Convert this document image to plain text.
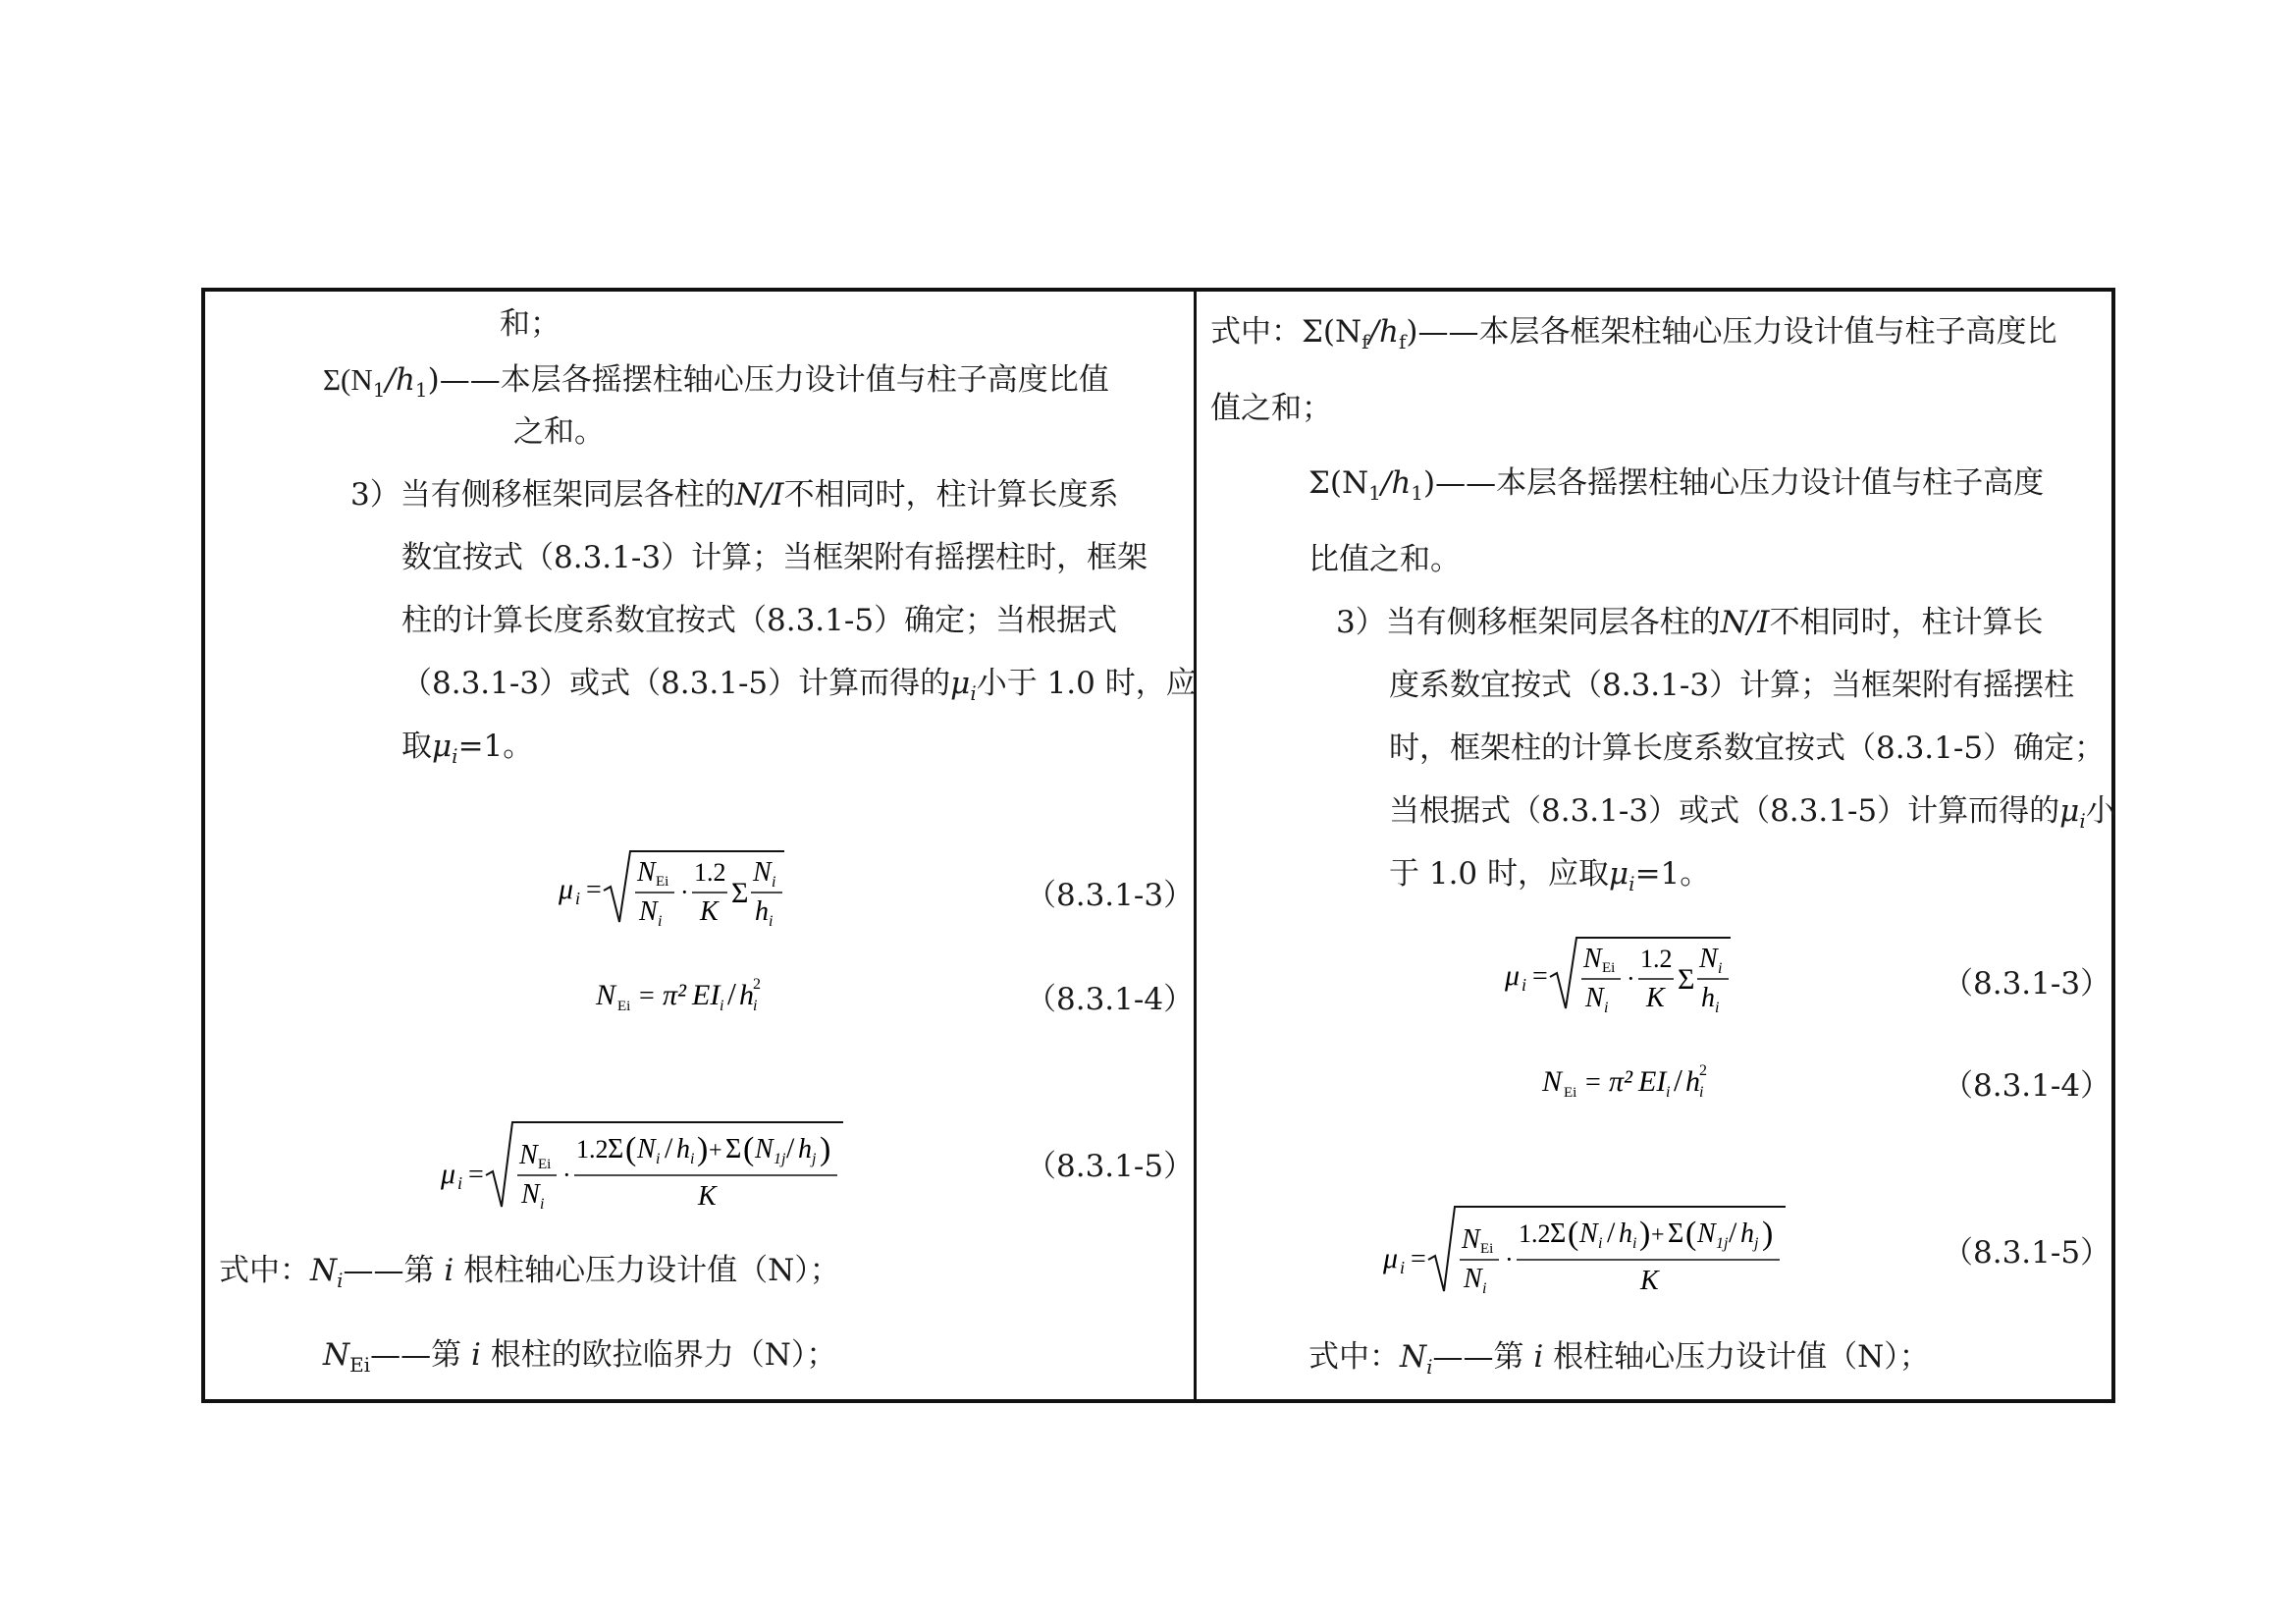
和；
$\Sigma(N_1/h_1)——$本层各摇摆柱轴心压力设计值与柱子高度比值
之和。
3）当有侧移框架同层各柱的N/I不相同时，柱计算长度系
数宜按式（8.3.1-3）计算；当框架附有摇摆柱时，框架
柱的计算长度系数宜按式（8.3.1-5）确定；当根据式
（8.3.1-3）或式（8.3.1-5）计算而得的$\mu_i$小于 1.0 时，应
取$\mu_i=1$。
μ i =
N Ei
N i
·
1.2
K
Σ
N i
h i
（8.3.1-3）
N Ei = π² EI i / h 2
i	（8.3.1-4）
μ i =
N Ei
N i
·
1.2 Σ ( N i / h i ) + Σ ( N 1j / h j )
K
（8.3.1-5）
式中：$N_i——$第 i 根柱轴心压力设计值（N）；
$N_{Ei}——$第 i 根柱的欧拉临界力（N）；
式中：$\Sigma(N_f/h_f)——$本层各框架柱轴心压力设计值与柱子高度比
值之和；
$\Sigma(N_1/h_1)——$本层各摇摆柱轴心压力设计值与柱子高度
比值之和。
3）当有侧移框架同层各柱的N/I不相同时，柱计算长
度系数宜按式（8.3.1-3）计算；当框架附有摇摆柱
时，框架柱的计算长度系数宜按式（8.3.1-5）确定；
当根据式（8.3.1-3）或式（8.3.1-5）计算而得的$\mu_i$小
于 1.0 时，应取$\mu_i=1$。
μ i =
N Ei
N i
·
1.2
K
Σ
N i
h i
（8.3.1-3）
N Ei = π² EI i / h 2
i	（8.3.1-4）
μ i =
N Ei
N i
·
1.2 Σ ( N i / h i ) + Σ ( N 1j / h j )
K
（8.3.1-5）
式中：$N_i——$第 i 根柱轴心压力设计值（N）；
